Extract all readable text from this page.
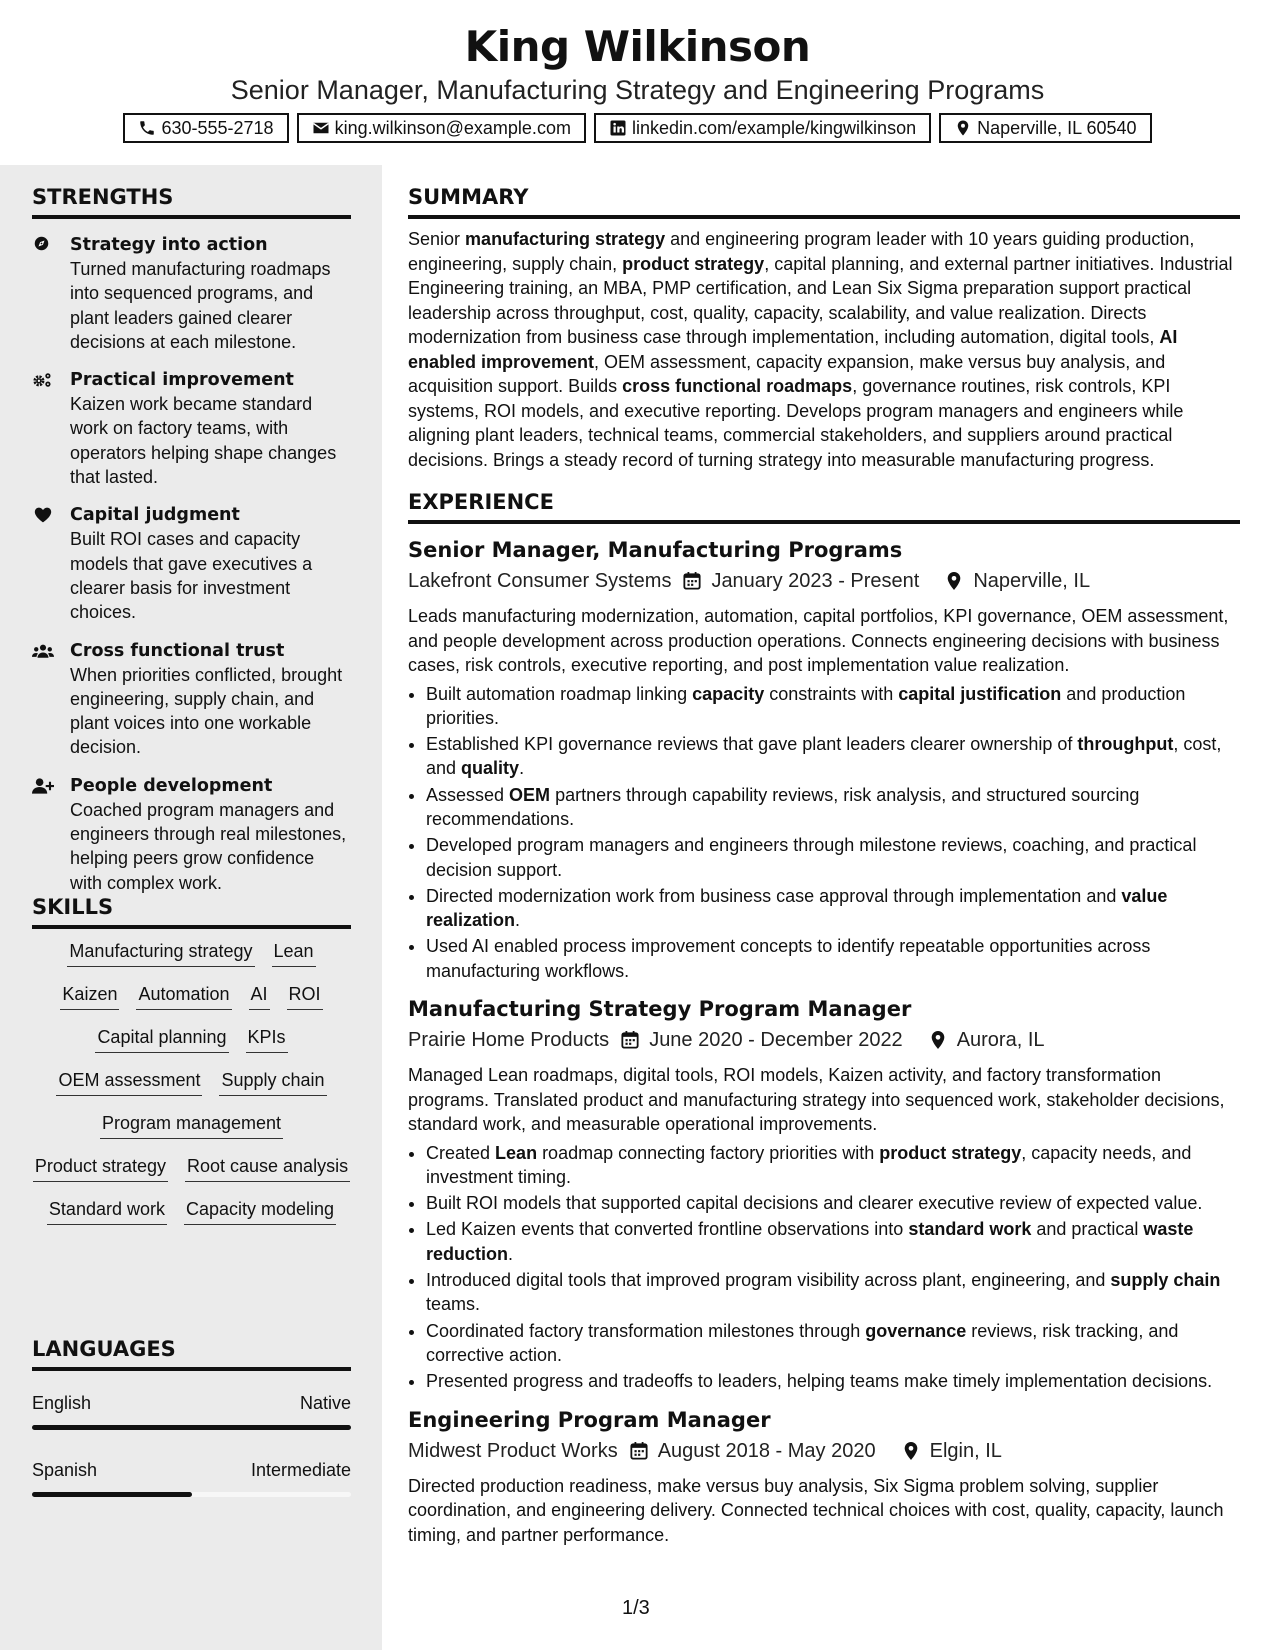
King Wilkinson
Senior Manager, Manufacturing Strategy and Engineering Programs
630-555-2718	king.wilkinson@example.com	linkedin.com/example/kingwilkinson	Naperville, IL 60540
STRENGTHS
Strategy into action
Turned manufacturing roadmaps into sequenced programs, and plant leaders gained clearer decisions at each milestone.
Practical improvement
Kaizen work became standard work on factory teams, with operators helping shape changes that lasted.
Capital judgment
Built ROI cases and capacity models that gave executives a clearer basis for investment choices.
Cross functional trust
When priorities conflicted, brought engineering, supply chain, and plant voices into one workable decision.
People development
Coached program managers and engineers through real milestones, helping peers grow confidence with complex work.
SKILLS
Manufacturing strategy Lean
Kaizen Automation AI ROI
Capital planning KPIs
OEM assessment Supply chain
Program management
Product strategy Root cause analysis
Standard work Capacity modeling
LANGUAGES
English	Native
Spanish	Intermediate
SUMMARY

Senior manufacturing strategy and engineering program leader with 10 years guiding production, engineering, supply chain, product strategy, capital planning, and external partner initiatives. Industrial Engineering training, an MBA, PMP certification, and Lean Six Sigma preparation support practical leadership across throughput, cost, quality, capacity, scalability, and value realization. Directs modernization from business case through implementation, including automation, digital tools, AI enabled improvement, OEM assessment, capacity expansion, make versus buy analysis, and acquisition support. Builds cross functional roadmaps, governance routines, risk controls, KPI systems, ROI models, and executive reporting. Develops program managers and engineers while aligning plant leaders, technical teams, commercial stakeholders, and suppliers around practical decisions. Brings a steady record of turning strategy into measurable manufacturing progress.

EXPERIENCE
Senior Manager, Manufacturing Programs
Lakefront Consumer Systems January 2023 - Present	Naperville, IL

Leads manufacturing modernization, automation, capital portfolios, KPI governance, OEM assessment, and people development across production operations. Connects engineering decisions with business cases, risk controls, executive reporting, and post implementation value realization.

• Built automation roadmap linking capacity constraints with capital justification and production priorities.
• Established KPI governance reviews that gave plant leaders clearer ownership of throughput, cost, and quality.
• Assessed OEM partners through capability reviews, risk analysis, and structured sourcing recommendations.
• Developed program managers and engineers through milestone reviews, coaching, and practical decision support.
• Directed modernization work from business case approval through implementation and value realization.
• Used AI enabled process improvement concepts to identify repeatable opportunities across manufacturing workflows.
Manufacturing Strategy Program Manager
Prairie Home Products June 2020 - December 2022	Aurora, IL

Managed Lean roadmaps, digital tools, ROI models, Kaizen activity, and factory transformation programs. Translated product and manufacturing strategy into sequenced work, stakeholder decisions, standard work, and measurable operational improvements.

• Created Lean roadmap connecting factory priorities with product strategy, capacity needs, and investment timing.
• Built ROI models that supported capital decisions and clearer executive review of expected value.
• Led Kaizen events that converted frontline observations into standard work and practical waste reduction.
• Introduced digital tools that improved program visibility across plant, engineering, and supply chain teams.
• Coordinated factory transformation milestones through governance reviews, risk tracking, and corrective action.
• Presented progress and tradeoffs to leaders, helping teams make timely implementation decisions.
Engineering Program Manager
Midwest Product Works August 2018 - May 2020	Elgin, IL

Directed production readiness, make versus buy analysis, Six Sigma problem solving, supplier coordination, and engineering delivery. Connected technical choices with cost, quality, capacity, launch timing, and partner performance.

1/3
